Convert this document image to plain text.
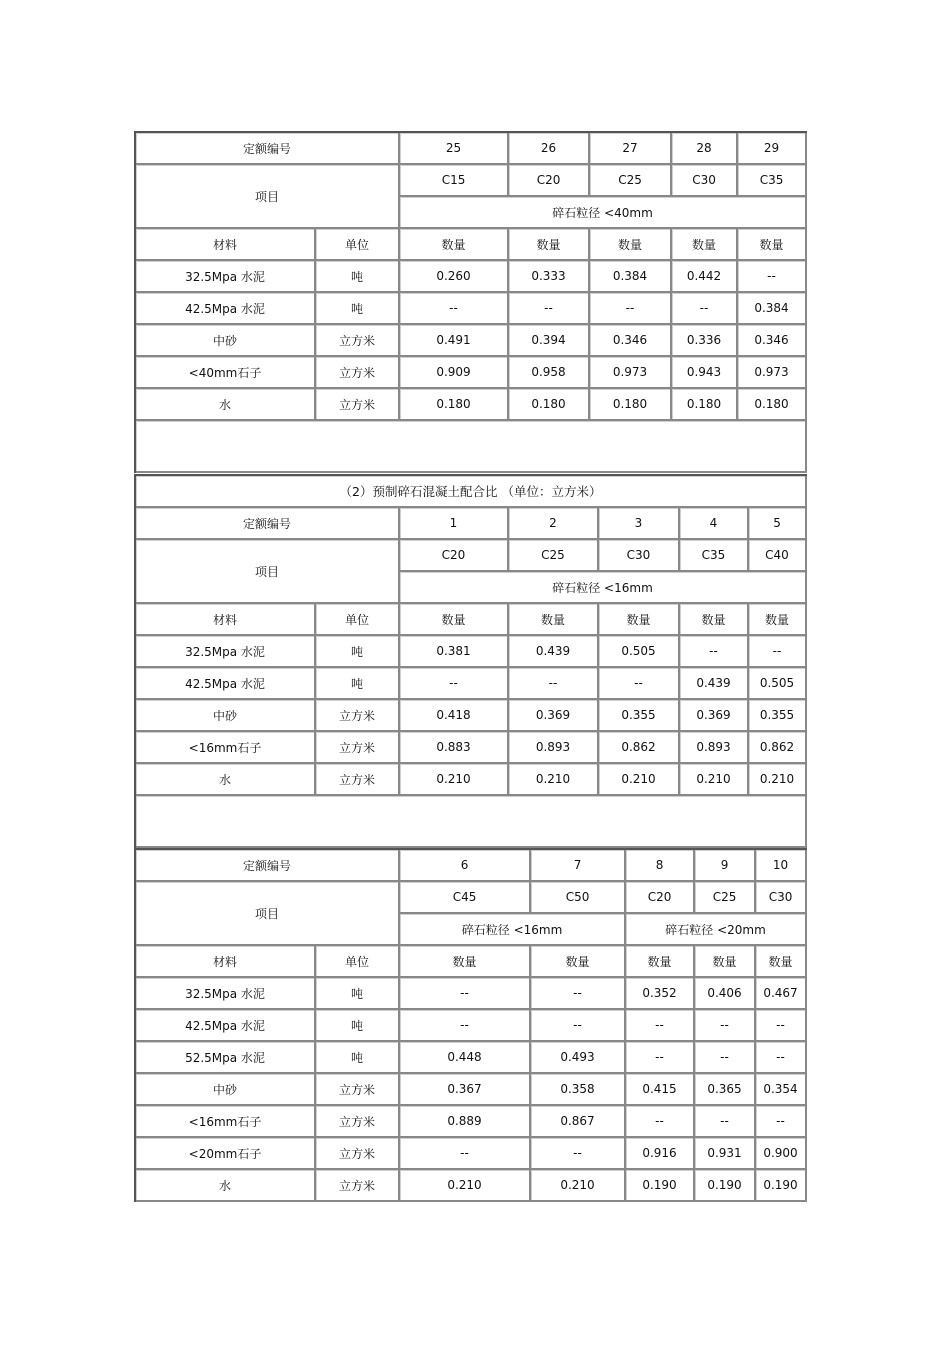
定额编号		25	26	27	28	29
项目		C15	C20	C25	C30	C35
		碎石粒径 <40mm				
材料	单位	数量	数量	数量	数量	数量
32.5Mpa 水泥	吨	0.260	0.333	0.384	0.442	--
42.5Mpa 水泥	吨	--	--	--	--	0.384
中砂	立方米	0.491	0.394	0.346	0.336	0.346
<40mm石子	立方米	0.909	0.958	0.973	0.943	0.973
水	立方米	0.180	0.180	0.180	0.180	0.180

（2）预制碎石混凝土配合比 （单位：立方米）						
定额编号		1	2	3	4	5
项目		C20	C25	C30	C35	C40
		碎石粒径 <16mm				
材料	单位	数量	数量	数量	数量	数量
32.5Mpa 水泥	吨	0.381	0.439	0.505	--	--
42.5Mpa 水泥	吨	--	--	--	0.439	0.505
中砂	立方米	0.418	0.369	0.355	0.369	0.355
<16mm石子	立方米	0.883	0.893	0.862	0.893	0.862
水	立方米	0.210	0.210	0.210	0.210	0.210

定额编号		6	7	8	9	10
项目		C45	C50	C20	C25	C30
		碎石粒径 <16mm		碎石粒径 <20mm		
材料	单位	数量	数量	数量	数量	数量
32.5Mpa 水泥	吨	--	--	0.352	0.406	0.467
42.5Mpa 水泥	吨	--	--	--	--	--
52.5Mpa 水泥	吨	0.448	0.493	--	--	--
中砂	立方米	0.367	0.358	0.415	0.365	0.354
<16mm石子	立方米	0.889	0.867	--	--	--
<20mm石子	立方米	--	--	0.916	0.931	0.900
水	立方米	0.210	0.210	0.190	0.190	0.190
